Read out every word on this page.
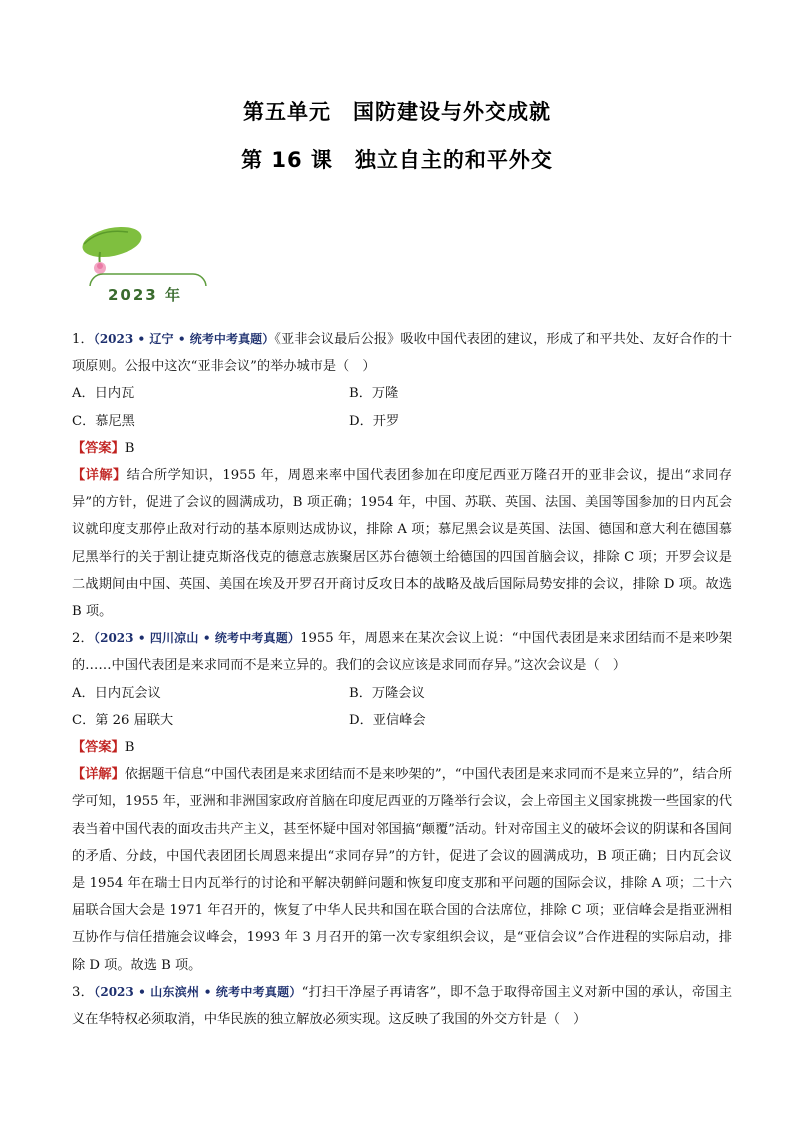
第五单元　国防建设与外交成就
第 16 课　独立自主的和平外交
2023 年

1．（2023 • 辽宁 • 统考中考真题）《亚非会议最后公报》吸收中国代表团的建议，形成了和平共处、友好合作的十项原则。公报中这次“亚非会议”的举办城市是（　）

A．日内瓦	B．万隆
C．慕尼黑	D．开罗

【答案】B

【详解】结合所学知识，1955 年，周恩来率中国代表团参加在印度尼西亚万隆召开的亚非会议，提出“求同存异”的方针，促进了会议的圆满成功，B 项正确；1954 年，中国、苏联、英国、法国、美国等国参加的日内瓦会议就印度支那停止敌对行动的基本原则达成协议，排除 A 项；慕尼黑会议是英国、法国、德国和意大利在德国慕尼黑举行的关于割让捷克斯洛伐克的德意志族聚居区苏台德领土给德国的四国首脑会议，排除 C 项；开罗会议是二战期间由中国、英国、美国在埃及开罗召开商讨反攻日本的战略及战后国际局势安排的会议，排除 D 项。故选 B 项。

2．（2023 • 四川凉山 • 统考中考真题）1955 年，周恩来在某次会议上说：“中国代表团是来求团结而不是来吵架的……中国代表团是来求同而不是来立异的。我们的会议应该是求同而存异。”这次会议是（　）

A．日内瓦会议	B．万隆会议
C．第 26 届联大	D．亚信峰会

【答案】B

【详解】依据题干信息“中国代表团是来求团结而不是来吵架的”，“中国代表团是来求同而不是来立异的”，结合所学可知，1955 年，亚洲和非洲国家政府首脑在印度尼西亚的万隆举行会议，会上帝国主义国家挑拨一些国家的代表当着中国代表的面攻击共产主义，甚至怀疑中国对邻国搞“颠覆”活动。针对帝国主义的破坏会议的阴谋和各国间的矛盾、分歧，中国代表团团长周恩来提出“求同存异”的方针，促进了会议的圆满成功，B 项正确；日内瓦会议是 1954 年在瑞士日内瓦举行的讨论和平解决朝鲜问题和恢复印度支那和平问题的国际会议，排除 A 项；二十六届联合国大会是 1971 年召开的，恢复了中华人民共和国在联合国的合法席位，排除 C 项；亚信峰会是指亚洲相互协作与信任措施会议峰会，1993 年 3 月召开的第一次专家组织会议，是“亚信会议”合作进程的实际启动，排除 D 项。故选 B 项。

3．（2023 • 山东滨州 • 统考中考真题）“打扫干净屋子再请客”，即不急于取得帝国主义对新中国的承认，帝国主义在华特权必须取消，中华民族的独立解放必须实现。这反映了我国的外交方针是（　）
